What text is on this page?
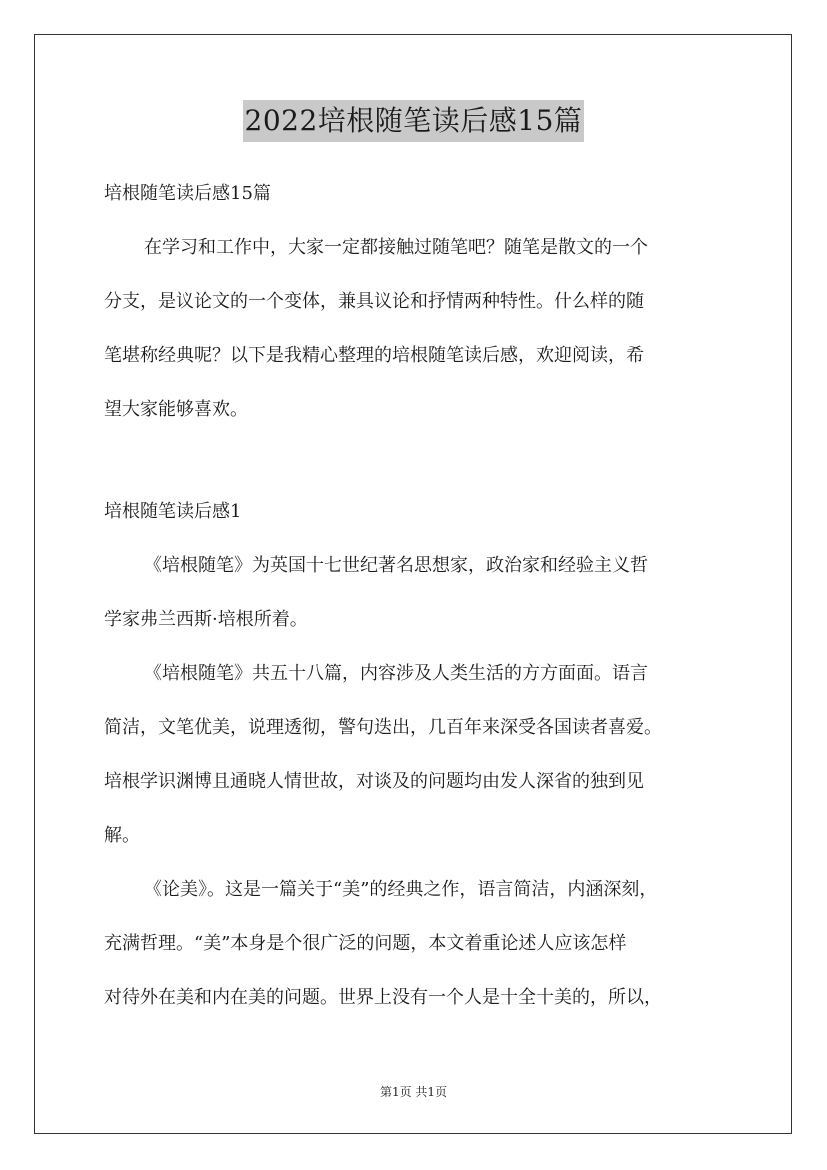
2022培根随笔读后感15篇
培根随笔读后感15篇

在学习和工作中，大家一定都接触过随笔吧？随笔是散文的一个

分支，是议论文的一个变体，兼具议论和抒情两种特性。什么样的随

笔堪称经典呢？以下是我精心整理的培根随笔读后感，欢迎阅读，希

望大家能够喜欢。

培根随笔读后感1

《培根随笔》为英国十七世纪著名思想家，政治家和经验主义哲

学家弗兰西斯·培根所着。

《培根随笔》共五十八篇，内容涉及人类生活的方方面面。语言

简洁，文笔优美，说理透彻，警句迭出，几百年来深受各国读者喜爱。

培根学识渊博且通晓人情世故，对谈及的问题均由发人深省的独到见

解。

《论美》。这是一篇关于“美”的经典之作，语言简洁，内涵深刻，

充满哲理。“美”本身是个很广泛的问题，本文着重论述人应该怎样

对待外在美和内在美的问题。世界上没有一个人是十全十美的，所以，

第1页 共1页
